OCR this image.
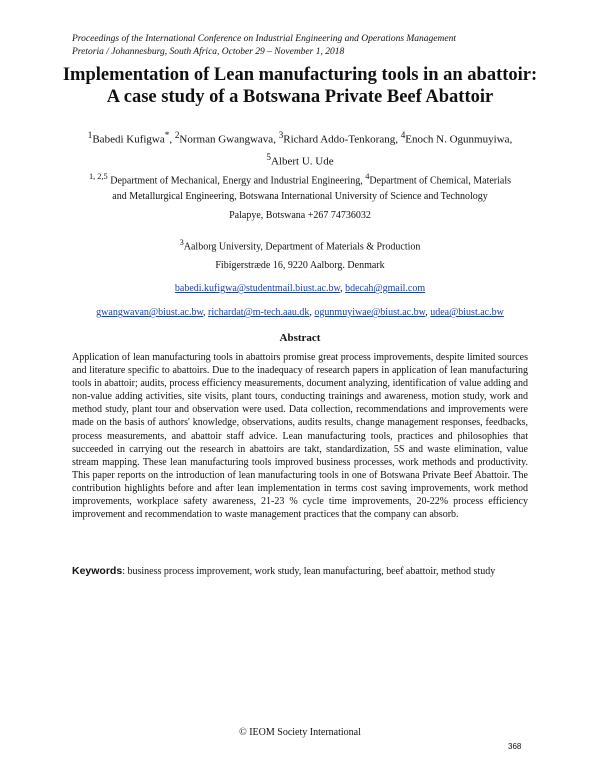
Proceedings of the International Conference on Industrial Engineering and Operations Management
Pretoria / Johannesburg, South Africa, October 29 – November 1, 2018
Implementation of Lean manufacturing tools in an abattoir:
A case study of a Botswana Private Beef Abattoir
$^1$Babedi Kufigwa*, $^2$Norman Gwangwava, $^3$Richard Addo-Tenkorang, $^4$Enoch N. Ogunmuyiwa,
$^5$Albert U. Ude
$^{1, 2,5}$ Department of Mechanical, Energy and Industrial Engineering, $^4$Department of Chemical, Materials
and Metallurgical Engineering, Botswana International University of Science and Technology
Palapye, Botswana +267 74736032
$^3$Aalborg University, Department of Materials & Production
Fibigerstræde 16, 9220 Aalborg. Denmark
babedi.kufigwa@studentmail.biust.ac.bw, bdecah@gmail.com
gwangwavan@biust.ac.bw, richardat@m-tech.aau.dk, ogunmuyiwae@biust.ac.bw, udea@biust.ac.bw
Abstract
Application of lean manufacturing tools in abattoirs promise great process improvements, despite limited sources and literature specific to abattoirs. Due to the inadequacy of research papers in application of lean manufacturing tools in abattoir; audits, process efficiency measurements, document analyzing, identification of value adding and non-value adding activities, site visits, plant tours, conducting trainings and awareness, motion study, work and method study, plant tour and observation were used. Data collection, recommendations and improvements were made on the basis of authors' knowledge, observations, audits results, change management responses, feedbacks, process measurements, and abattoir staff advice. Lean manufacturing tools, practices and philosophies that succeeded in carrying out the research in abattoirs are takt, standardization, 5S and waste elimination, value stream mapping. These lean manufacturing tools improved business processes, work methods and productivity. This paper reports on the introduction of lean manufacturing tools in one of Botswana Private Beef Abattoir. The contribution highlights before and after lean implementation in terms cost saving improvements, work method improvements, workplace safety awareness, 21-23 % cycle time improvements, 20-22% process efficiency improvement and recommendation to waste management practices that the company can absorb.
Keywords: business process improvement, work study, lean manufacturing, beef abattoir, method study
© IEOM Society International
368
